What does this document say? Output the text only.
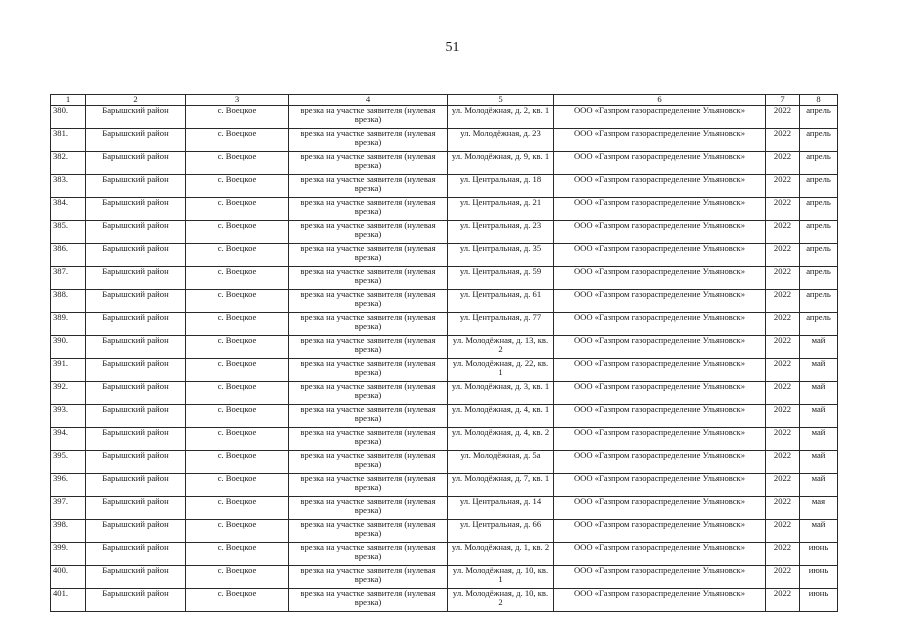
51
1	2	3	4	5	6	7	8
380.	Барышский район	с. Воецкое	врезка на участке заявителя (нулевая врезка)	ул. Молодёжная, д. 2, кв. 1	ООО «Газпром газораспределение Ульяновск»	2022	апрель
381.	Барышский район	с. Воецкое	врезка на участке заявителя (нулевая врезка)	ул. Молодёжная, д. 23	ООО «Газпром газораспределение Ульяновск»	2022	апрель
382.	Барышский район	с. Воецкое	врезка на участке заявителя (нулевая врезка)	ул. Молодёжная, д. 9, кв. 1	ООО «Газпром газораспределение Ульяновск»	2022	апрель
383.	Барышский район	с. Воецкое	врезка на участке заявителя (нулевая врезка)	ул. Центральная, д. 18	ООО «Газпром газораспределение Ульяновск»	2022	апрель
384.	Барышский район	с. Воецкое	врезка на участке заявителя (нулевая врезка)	ул. Центральная, д. 21	ООО «Газпром газораспределение Ульяновск»	2022	апрель
385.	Барышский район	с. Воецкое	врезка на участке заявителя (нулевая врезка)	ул. Центральная, д. 23	ООО «Газпром газораспределение Ульяновск»	2022	апрель
386.	Барышский район	с. Воецкое	врезка на участке заявителя (нулевая врезка)	ул. Центральная, д. 35	ООО «Газпром газораспределение Ульяновск»	2022	апрель
387.	Барышский район	с. Воецкое	врезка на участке заявителя (нулевая врезка)	ул. Центральная, д. 59	ООО «Газпром газораспределение Ульяновск»	2022	апрель
388.	Барышский район	с. Воецкое	врезка на участке заявителя (нулевая врезка)	ул. Центральная, д. 61	ООО «Газпром газораспределение Ульяновск»	2022	апрель
389.	Барышский район	с. Воецкое	врезка на участке заявителя (нулевая врезка)	ул. Центральная, д. 77	ООО «Газпром газораспределение Ульяновск»	2022	апрель
390.	Барышский район	с. Воецкое	врезка на участке заявителя (нулевая врезка)	ул. Молодёжная, д. 13, кв. 2	ООО «Газпром газораспределение Ульяновск»	2022	май
391.	Барышский район	с. Воецкое	врезка на участке заявителя (нулевая врезка)	ул. Молодёжная, д. 22, кв. 1	ООО «Газпром газораспределение Ульяновск»	2022	май
392.	Барышский район	с. Воецкое	врезка на участке заявителя (нулевая врезка)	ул. Молодёжная, д. 3, кв. 1	ООО «Газпром газораспределение Ульяновск»	2022	май
393.	Барышский район	с. Воецкое	врезка на участке заявителя (нулевая врезка)	ул. Молодёжная, д. 4, кв. 1	ООО «Газпром газораспределение Ульяновск»	2022	май
394.	Барышский район	с. Воецкое	врезка на участке заявителя (нулевая врезка)	ул. Молодёжная, д. 4, кв. 2	ООО «Газпром газораспределение Ульяновск»	2022	май
395.	Барышский район	с. Воецкое	врезка на участке заявителя (нулевая врезка)	ул. Молодёжная, д. 5а	ООО «Газпром газораспределение Ульяновск»	2022	май
396.	Барышский район	с. Воецкое	врезка на участке заявителя (нулевая врезка)	ул. Молодёжная, д. 7, кв. 1	ООО «Газпром газораспределение Ульяновск»	2022	май
397.	Барышский район	с. Воецкое	врезка на участке заявителя (нулевая врезка)	ул. Центральная, д. 14	ООО «Газпром газораспределение Ульяновск»	2022	мая
398.	Барышский район	с. Воецкое	врезка на участке заявителя (нулевая врезка)	ул. Центральная, д. 66	ООО «Газпром газораспределение Ульяновск»	2022	май
399.	Барышский район	с. Воецкое	врезка на участке заявителя (нулевая врезка)	ул. Молодёжная, д. 1, кв. 2	ООО «Газпром газораспределение Ульяновск»	2022	июнь
400.	Барышский район	с. Воецкое	врезка на участке заявителя (нулевая врезка)	ул. Молодёжная, д. 10, кв. 1	ООО «Газпром газораспределение Ульяновск»	2022	июнь
401.	Барышский район	с. Воецкое	врезка на участке заявителя (нулевая врезка)	ул. Молодёжная, д. 10, кв. 2	ООО «Газпром газораспределение Ульяновск»	2022	июнь
